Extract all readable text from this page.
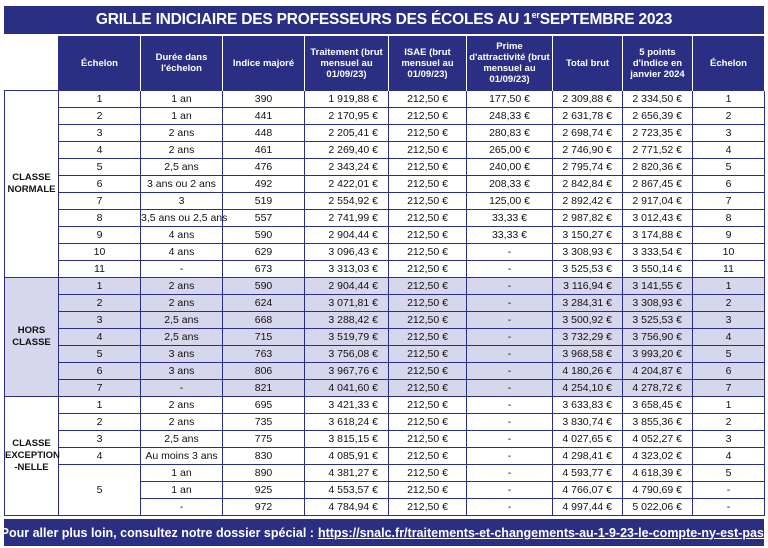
GRILLE INDICIAIRE DES PROFESSEURS DES ÉCOLES AU 1er SEPTEMBRE 2023
	Échelon	Durée dans l'échelon	Indice majoré	Traitement (brut mensuel au 01/09/23)	ISAE (brut mensuel au 01/09/23)	Prime d'attractivité (brut mensuel au 01/09/23)	Total brut	5 points d'indice en janvier 2024	Échelon
CLASSE NORMALE	1	1 an	390	1 919,88 €	212,50 €	177,50 €	2 309,88 €	2 334,50 €	1
	2	1 an	441	2 170,95 €	212,50 €	248,33 €	2 631,78 €	2 656,39 €	2
	3	2 ans	448	2 205,41 €	212,50 €	280,83 €	2 698,74 €	2 723,35 €	3
	4	2 ans	461	2 269,40 €	212,50 €	265,00 €	2 746,90 €	2 771,52 €	4
	5	2,5 ans	476	2 343,24 €	212,50 €	240,00 €	2 795,74 €	2 820,36 €	5
	6	3 ans ou 2 ans	492	2 422,01 €	212,50 €	208,33 €	2 842,84 €	2 867,45 €	6
	7	3	519	2 554,92 €	212,50 €	125,00 €	2 892,42 €	2 917,04 €	7
	8	3,5 ans ou 2,5 ans	557	2 741,99 €	212,50 €	33,33 €	2 987,82 €	3 012,43 €	8
	9	4 ans	590	2 904,44 €	212,50 €	33,33 €	3 150,27 €	3 174,88 €	9
	10	4 ans	629	3 096,43 €	212,50 €	-	3 308,93 €	3 333,54 €	10
	11	-	673	3 313,03 €	212,50 €	-	3 525,53 €	3 550,14 €	11
HORS CLASSE	1	2 ans	590	2 904,44 €	212,50 €	-	3 116,94 €	3 141,55 €	1
	2	2 ans	624	3 071,81 €	212,50 €	-	3 284,31 €	3 308,93 €	2
	3	2,5 ans	668	3 288,42 €	212,50 €	-	3 500,92 €	3 525,53 €	3
	4	2,5 ans	715	3 519,79 €	212,50 €	-	3 732,29 €	3 756,90 €	4
	5	3 ans	763	3 756,08 €	212,50 €	-	3 968,58 €	3 993,20 €	5
	6	3 ans	806	3 967,76 €	212,50 €	-	4 180,26 €	4 204,87 €	6
	7	-	821	4 041,60 €	212,50 €	-	4 254,10 €	4 278,72 €	7
CLASSE EXCEPTION -NELLE	1	2 ans	695	3 421,33 €	212,50 €	-	3 633,83 €	3 658,45 €	1
	2	2 ans	735	3 618,24 €	212,50 €	-	3 830,74 €	3 855,36 €	2
	3	2,5 ans	775	3 815,15 €	212,50 €	-	4 027,65 €	4 052,27 €	3
	4	Au moins 3 ans	830	4 085,91 €	212,50 €	-	4 298,41 €	4 323,02 €	4
	5	1 an	890	4 381,27 €	212,50 €	-	4 593,77 €	4 618,39 €	5
		1 an	925	4 553,57 €	212,50 €	-	4 766,07 €	4 790,69 €	-
		-	972	4 784,94 €	212,50 €	-	4 997,44 €	5 022,06 €	-
Pour aller plus loin, consultez notre dossier spécial : https://snalc.fr/traitements-et-changements-au-1-9-23-le-compte-ny-est-pas/
